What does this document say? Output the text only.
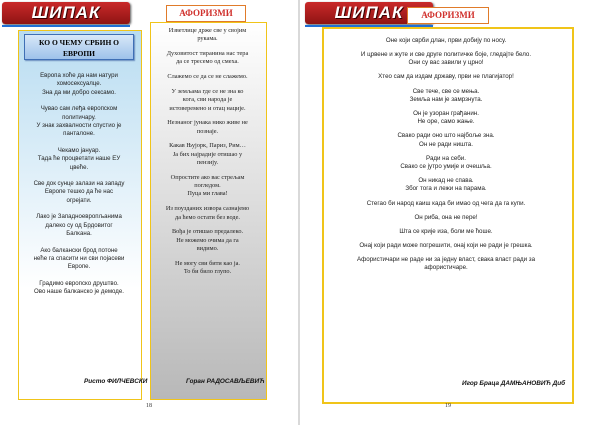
ШИПАК	АФОРИЗМИ
КО О ЧЕМУ СРБИН О ЕВРОПИ

Европа хоће да нам натури
хомосексуалце.
Зна да ми добро сексамо.

Чувао сам леђа европском
политичару.
У знак захвалности спустио је
панталоне.

Чекамо јануар.
Тада ће процветати наше ЕУ
цвеће.

Све док сунце залази на западу
Европе тешко да ће нас
огрејати.

Лако је Западноевропљанима
далеко су од Брдовитог
Балкана.

Ако балкански брод потоне
неће га спасити ни сви појасеви
Европе.

Градимо европско друштво.
Ово наше балканско је демоде.

Ристо ФИЛЧЕВСКИ

Изветлице држе све у својим
рукама.

Духовитост тиранина нас тера
да се тресемо од смеха.

Слажемо се да се не слажемо.

У земљама где се не зна ко
кога, сви народа је
истоверемено и отац нације.

Незнаног јунака нико живе не
познаје.

Какав Њујорк, Париз, Рим…
Ја бих најрадије отишао у
пензију.

Опростите ако вас стрељам
погледом.
Пуца ми глава!

Из поузданих извора сазнајемо
да ћемо остати без воде.

Вођа је отишао предалеко.
Не можемо очима да га
видимо.

Не могу сви бити као ја.
То би било глупо.

Горан РАДОСАВЉЕВИЋ
18
ШИПАК	АФОРИЗМИ

Оне који сврби длан, први добију по носу.

И црвене и жуте и све друге политичке боје, гледајте бело.
Они су вас завили у црно!

Хтео сам да издам државу, први не плагијатор!

Све тече, све се мења.
Земља нам је замрзнута.

Он је узоран грађанин.
Не оре, само жање.

Свако ради оно што најбоље зна.
Он не ради ништа.

Ради на себи.
Свако се јутро умије и очешља.

Он никад не спава.
Због тога и лежи на парама.

Стегао би народ каиш када би имао од чега да га купи.

Он риба, она не пере!

Шта се крије иза, боли ме ћоше.

Онај који ради може погрешити, онај који не ради је грешка.

Афористичари не раде ни за једну власт, свака власт ради за
афористичаре.

Игор Браца ДАМЊАНОВИЋ Диб
19
